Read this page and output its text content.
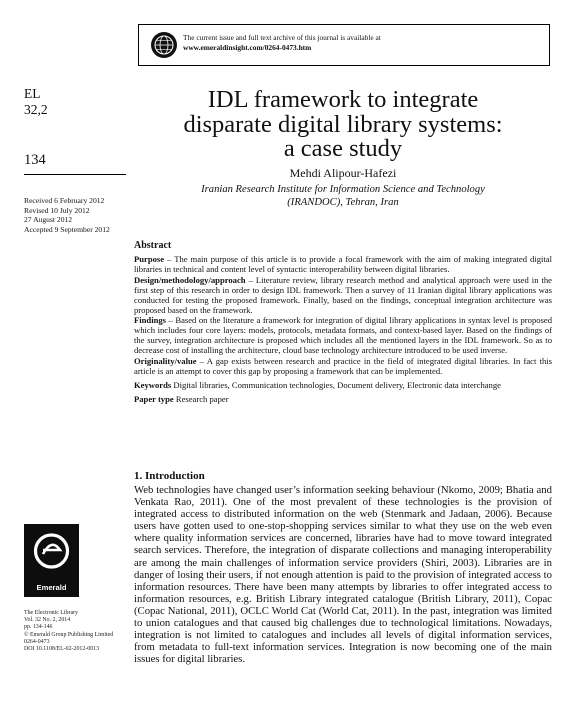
The current issue and full text archive of this journal is available at
www.emeraldinsight.com/0264-0473.htm
EL
32,2
134
Received 6 February 2012
Revised 10 July 2012
27 August 2012
Accepted 9 September 2012
Emerald
The Electronic Library
Vol. 32 No. 2, 2014
pp. 134-146
© Emerald Group Publishing Limited
0264-0473
DOI 10.1108/EL-02-2012-0013
IDL framework to integrate
disparate digital library systems:
a case study
Mehdi Alipour-Hafezi
Iranian Research Institute for Information Science and Technology
(IRANDOC), Tehran, Iran
Abstract

Purpose – The main purpose of this article is to provide a focal framework with the aim of making integrated digital libraries in technical and content level of syntactic interoperability between digital libraries.

Design/methodology/approach – Literature review, library research method and analytical approach were used in the first step of this research in order to design IDL framework. Then a survey of 11 Iranian digital library applications was conducted for testing the proposed framework. Finally, based on the findings, conceptual integration architecture was proposed based on the framework.

Findings – Based on the literature a framework for integration of digital library applications in syntax level is proposed which includes four core layers: models, protocols, metadata formats, and context-based layer. Based on the findings of the survey, integration architecture is proposed which includes all the mentioned layers in the IDL framework. So as to decrease cost of installing the architecture, cloud base technology architecture introduced to be used inverse.

Originality/value – A gap exists between research and practice in the field of integrated digital libraries. In fact this article is an attempt to cover this gap by proposing a framework that can be implemented.

Keywords Digital libraries, Communication technologies, Document delivery, Electronic data interchange

Paper type Research paper

1. Introduction

Web technologies have changed user’s information seeking behaviour (Nkomo, 2009; Bhatia and Venkata Rao, 2011). One of the most prevalent of these technologies is the provision of integrated access to distributed information on the web (Stenmark and Jadaan, 2006). Because users have gotten used to one-stop-shopping services similar to what they use on the web even where quality information services are concerned, libraries have had to move toward integrated search services. Therefore, the integration of disparate collections and managing interoperability are among the main challenges of information service providers (Shiri, 2003). Libraries are in danger of losing their users, if not enough attention is paid to the provision of integrated access to information resources. There have been many attempts by libraries to offer integrated access to information resources, e.g. British Library integrated catalogue (British Library, 2011), Copac (Copac National, 2011), OCLC World Cat (World Cat, 2011). In the past, integration was limited to union catalogues and that caused big challenges due to technological limitations. Nowadays, integration is not limited to catalogues and includes all levels of digital information services, from metadata to full-text information services. Integration is now becoming one of the main issues for digital libraries.
